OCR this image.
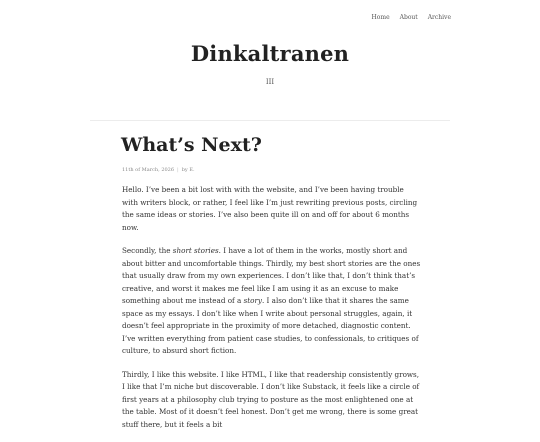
Home About Archive
Dinkaltranen
III
What’s Next?
11th of March, 2026 | by E.

Hello. I’ve been a bit lost with with the website, and I’ve been having trouble with writers block, or rather, I feel like I’m just rewriting previous posts, circling the same ideas or stories. I’ve also been quite ill on and off for about 6 months now.

Secondly, the short stories. I have a lot of them in the works, mostly short and about bitter and uncomfortable things. Thirdly, my best short stories are the ones that usually draw from my own experiences. I don’t like that, I don’t think that’s creative, and worst it makes me feel like I am using it as an excuse to make something about me instead of a story. I also don’t like that it shares the same space as my essays. I don’t like when I write about personal struggles, again, it doesn’t feel appropriate in the proximity of more detached, diagnostic content. I’ve written everything from patient case studies, to confessionals, to critiques of culture, to absurd short fiction.

Thirdly, I like this website. I like HTML, I like that readership consistently grows, I like that I’m niche but discoverable. I don’t like Substack, it feels like a circle of first years at a philosophy club trying to posture as the most enlightened one at the table. Most of it doesn’t feel honest. Don’t get me wrong, there is some great stuff there, but it feels a bit
